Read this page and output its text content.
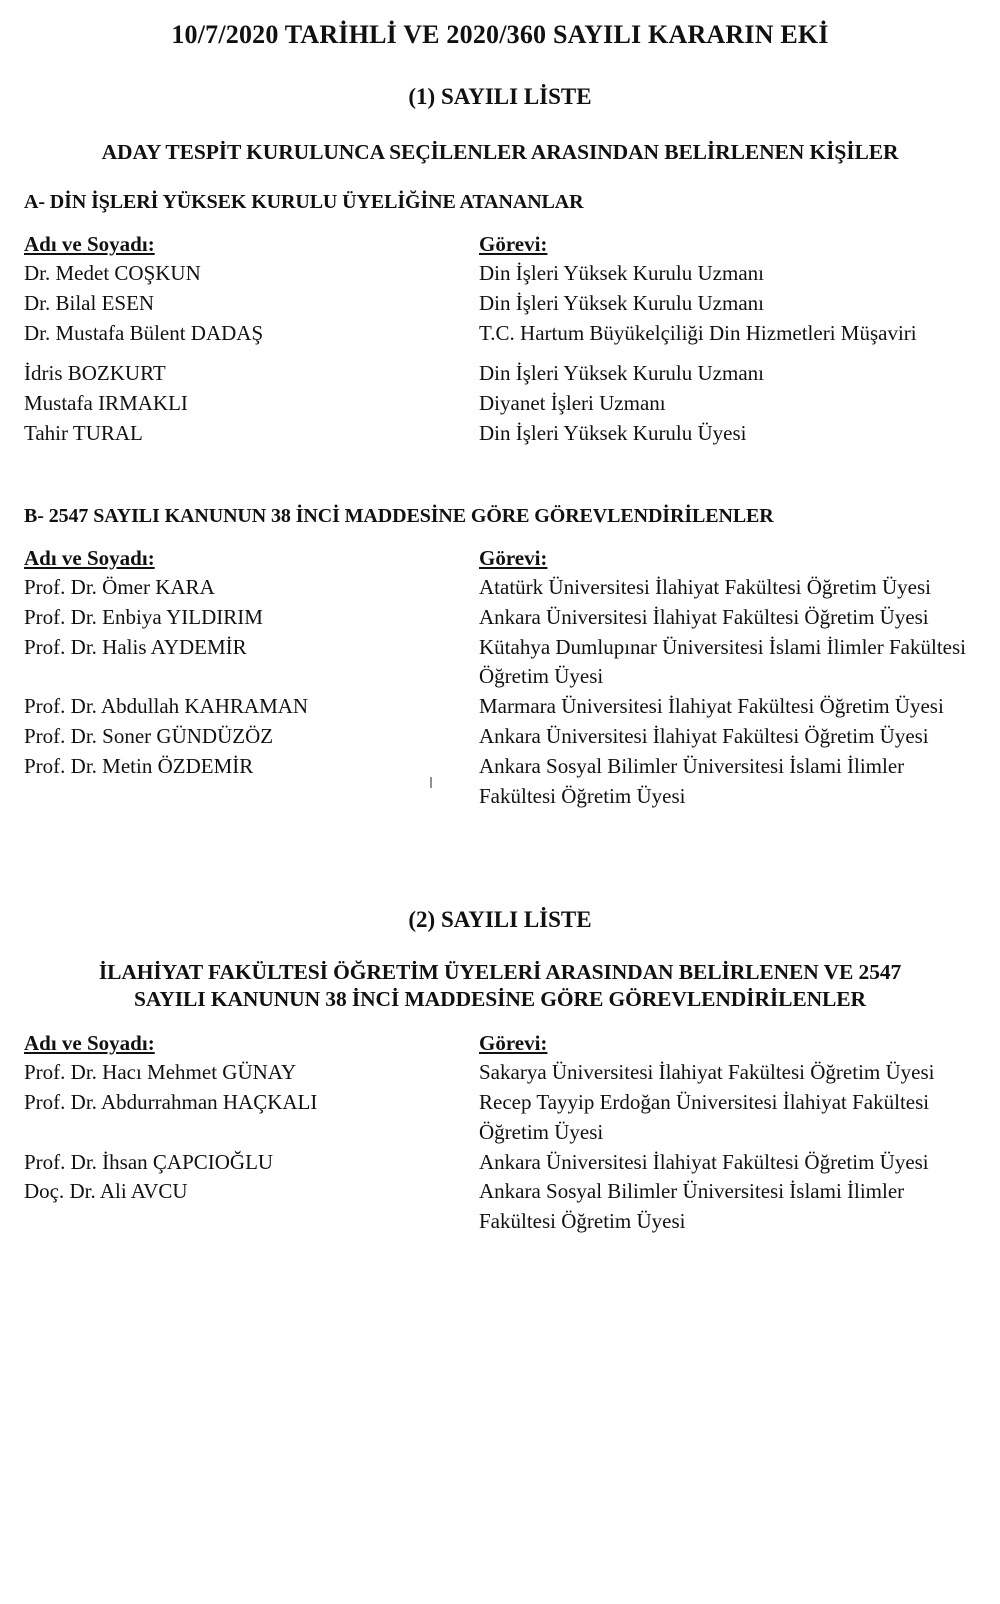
10/7/2020 TARİHLİ VE 2020/360 SAYILI KARARIN EKİ
(1) SAYILI LİSTE
ADAY TESPİT KURULUNCA SEÇİLENLER ARASINDAN BELİRLENEN KİŞİLER
A- DİN İŞLERİ YÜKSEK KURULU ÜYELİĞİNE ATANANLAR
Adı ve Soyadı:	Görevi:
Dr. Medet COŞKUN	Din İşleri Yüksek Kurulu Uzmanı
Dr. Bilal ESEN	Din İşleri Yüksek Kurulu Uzmanı
Dr. Mustafa Bülent DADAŞ	T.C. Hartum Büyükelçiliği Din Hizmetleri Müşaviri
İdris BOZKURT	Din İşleri Yüksek Kurulu Uzmanı
Mustafa IRMAKLI	Diyanet İşleri Uzmanı
Tahir TURAL	Din İşleri Yüksek Kurulu Üyesi
B- 2547 SAYILI KANUNUN 38 İNCİ MADDESİNE GÖRE GÖREVLENDİRİLENLER
Adı ve Soyadı:	Görevi:
Prof. Dr. Ömer KARA	Atatürk Üniversitesi İlahiyat Fakültesi Öğretim Üyesi
Prof. Dr. Enbiya YILDIRIM	Ankara Üniversitesi İlahiyat Fakültesi Öğretim Üyesi
Prof. Dr. Halis AYDEMİR	Kütahya Dumlupınar Üniversitesi İslami İlimler Fakültesi Öğretim Üyesi
Prof. Dr. Abdullah KAHRAMAN	Marmara Üniversitesi İlahiyat Fakültesi Öğretim Üyesi
Prof. Dr. Soner GÜNDÜZÖZ	Ankara Üniversitesi İlahiyat Fakültesi Öğretim Üyesi
Prof. Dr. Metin ÖZDEMİR	Ankara Sosyal Bilimler Üniversitesi İslami İlimler Fakültesi Öğretim Üyesi
(2) SAYILI LİSTE
İLAHİYAT FAKÜLTESİ ÖĞRETİM ÜYELERİ ARASINDAN BELİRLENEN VE 2547
SAYILI KANUNUN 38 İNCİ MADDESİNE GÖRE GÖREVLENDİRİLENLER
Adı ve Soyadı:	Görevi:
Prof. Dr. Hacı Mehmet GÜNAY	Sakarya Üniversitesi İlahiyat Fakültesi Öğretim Üyesi
Prof. Dr. Abdurrahman HAÇKALI	Recep Tayyip Erdoğan Üniversitesi İlahiyat Fakültesi Öğretim Üyesi
Prof. Dr. İhsan ÇAPCIOĞLU	Ankara Üniversitesi İlahiyat Fakültesi Öğretim Üyesi
Doç. Dr. Ali AVCU	Ankara Sosyal Bilimler Üniversitesi İslami İlimler Fakültesi Öğretim Üyesi
